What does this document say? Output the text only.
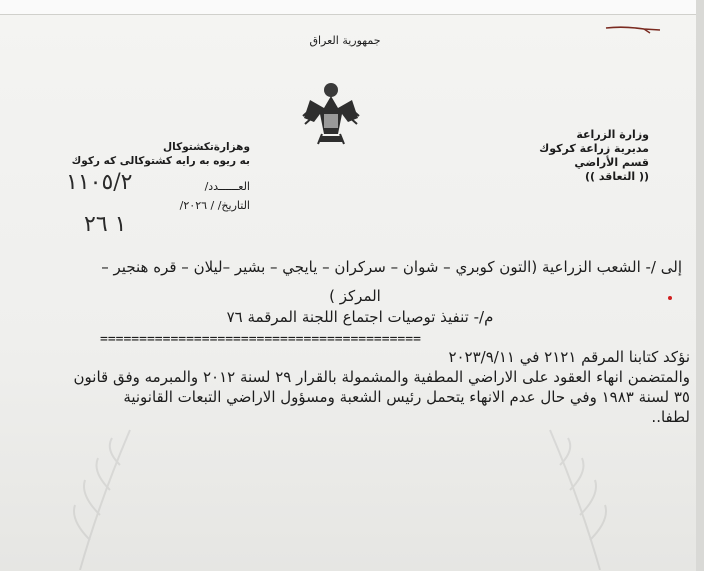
جمهورية العراق
وزارة الزراعة
مديرية زراعة كركوك
قسم الأراضي
(( التعاقد ))
وهزارةتكشتوكال
به ريوه به رايه كشتوكالى كه ركوك
العــــــدد/
١١٠٥/٢
التاريخ/ / ٢٠٢٦/
١ ٢٦
إلى /- الشعب الزراعية (التون كوبري – شوان – سركران – يايجي – بشير –ليلان – قره هنجير –
المركز )
م/- تنفيذ توصيات اجتماع اللجنة المرقمة ٧٦
=========================================
نؤكد كتابنا المرقم ٢١٢١ في ٢٠٢٣/٩/١١
والمتضمن انهاء العقود على الاراضي المطفية والمشمولة بالقرار ٢٩ لسنة ٢٠١٢ والمبرمه وفق قانون
٣٥ لسنة ١٩٨٣ وفي حال عدم الانهاء يتحمل رئيس الشعبة ومسؤول الاراضي التبعات القانونية
لطفا..
